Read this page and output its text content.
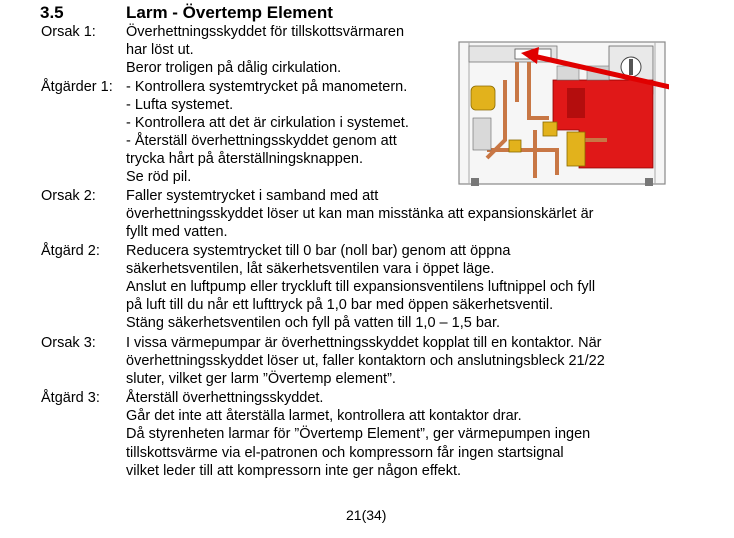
3.5	Larm - Övertemp Element
Orsak 1: Överhettningsskyddet för tillskottsvärmaren
har löst ut.
Beror troligen på dålig cirkulation.
Åtgärder 1: - Kontrollera systemtrycket på manometern.
- Lufta systemet.
- Kontrollera att det är cirkulation i systemet.
- Återställ överhettningsskyddet genom att
trycka hårt på återställningsknappen.
Se röd pil.
Orsak 2: Faller systemtrycket i samband med att
överhettningsskyddet löser ut kan man misstänka att expansionskärlet är
fyllt med vatten.
Åtgärd 2: Reducera systemtrycket till 0 bar (noll bar) genom att öppna
säkerhetsventilen, låt säkerhetsventilen vara i öppet läge.
Anslut en luftpump eller tryckluft till expansionsventilens luftnippel och fyll
på luft till du når ett lufttryck på 1,0 bar med öppen säkerhetsventil.
Stäng säkerhetsventilen och fyll på vatten till 1,0 – 1,5 bar.
Orsak 3: I vissa värmepumpar är överhettningsskyddet kopplat till en kontaktor. När
överhettningsskyddet löser ut, faller kontaktorn och anslutningsbleck 21/22
sluter, vilket ger larm ”Övertemp element”.
Åtgärd 3: Återställ överhettningsskyddet.
Går det inte att återställa larmet, kontrollera att kontaktor drar.
Då styrenheten larmar för ”Övertemp Element”, ger värmepumpen ingen
tillskottsvärme via el-patronen och kompressorn får ingen startsignal
vilket leder till att kompressorn inte ger någon effekt.
21(34)
